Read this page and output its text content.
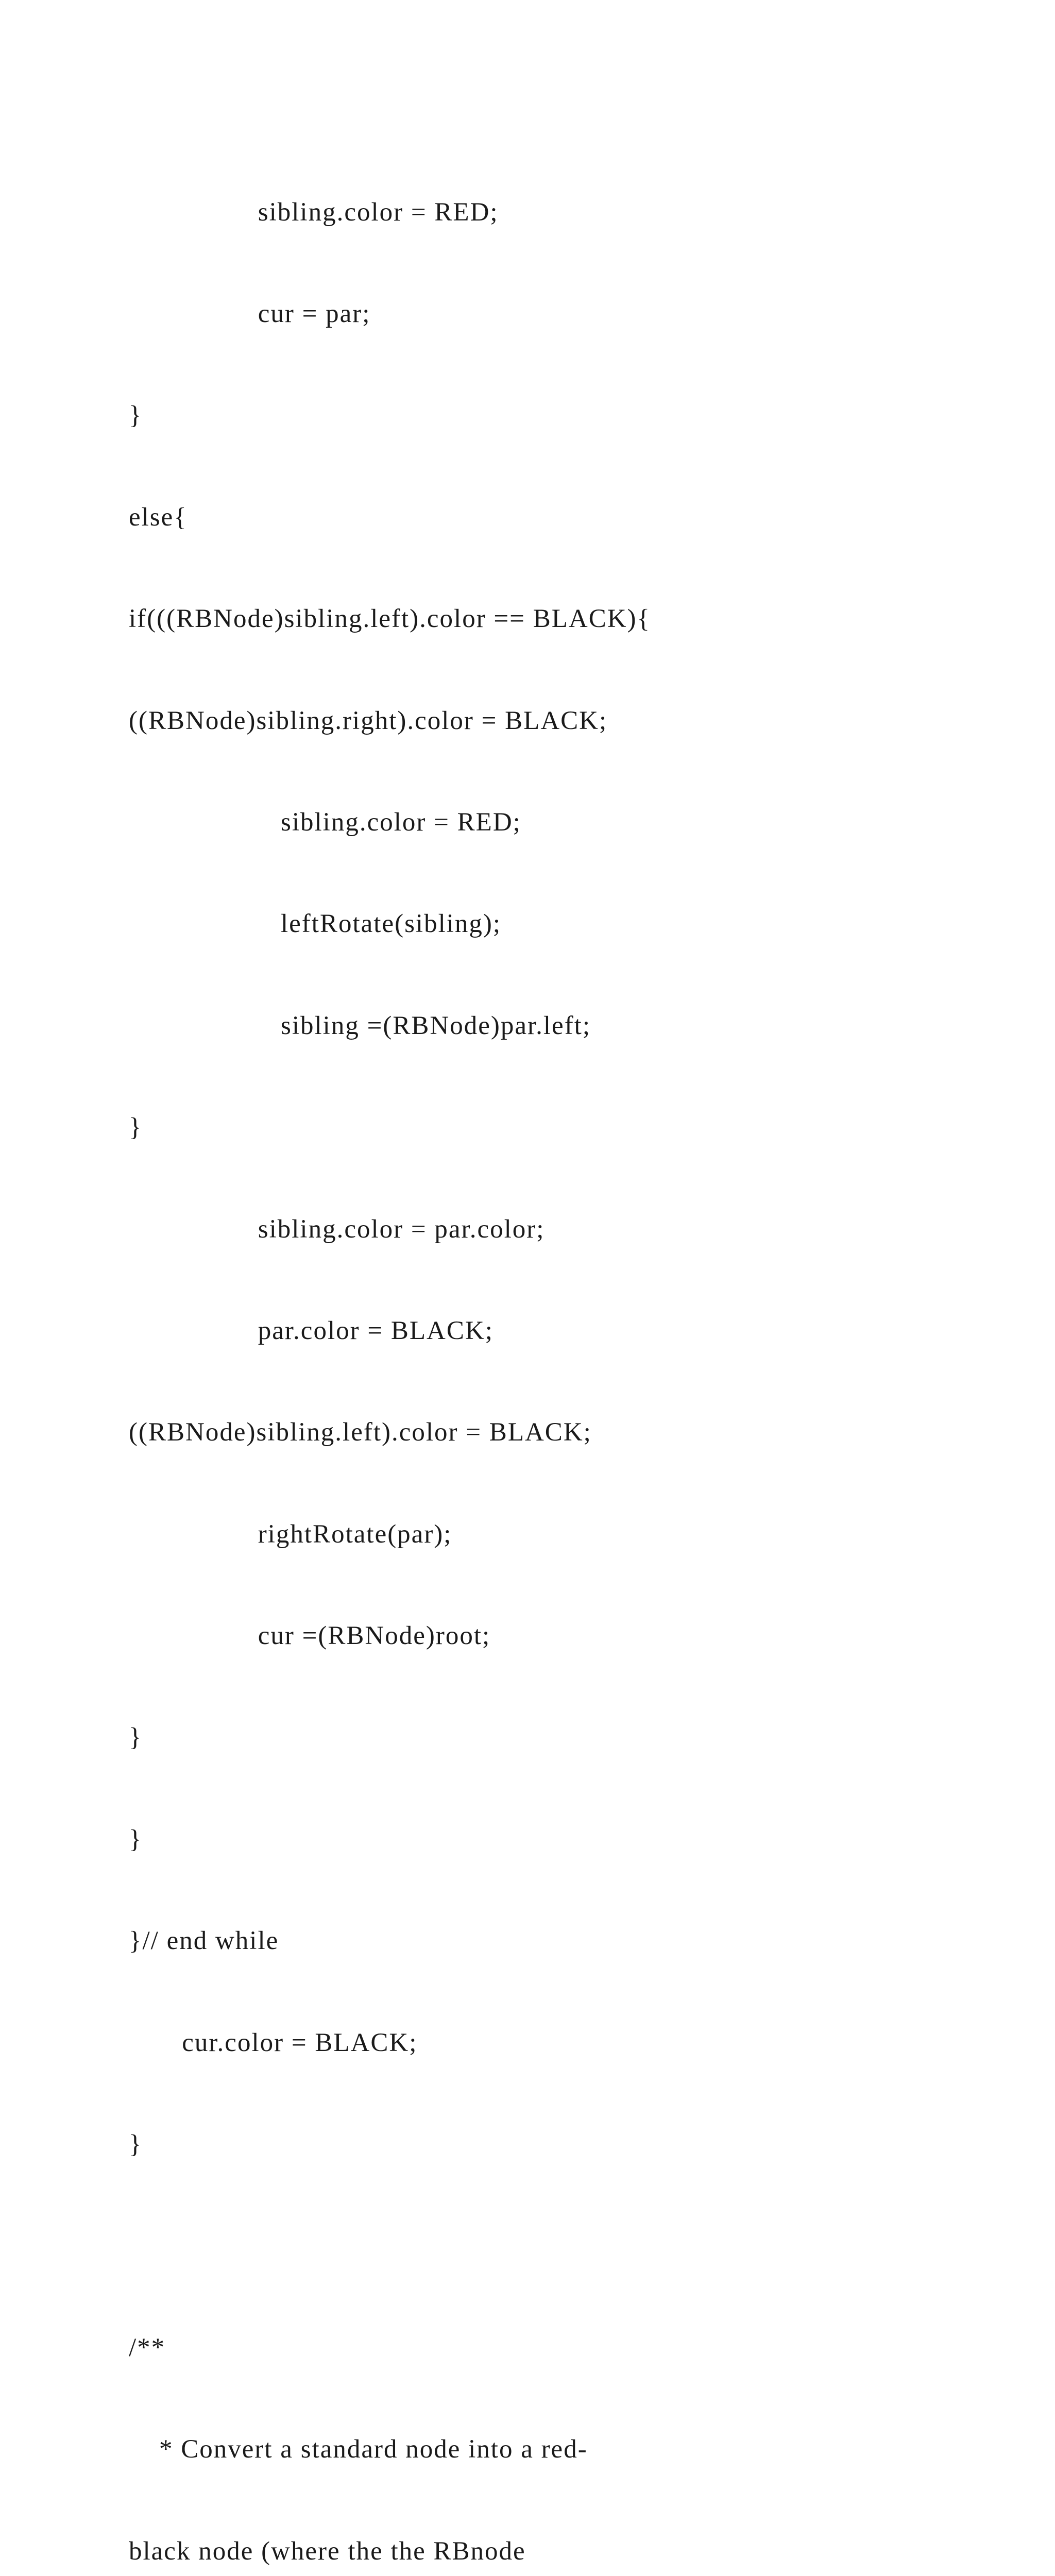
sibling.color = RED;

cur = par;

}

else{

if(((RBNode)sibling.left).color == BLACK){

((RBNode)sibling.right).color = BLACK;

sibling.color = RED;

leftRotate(sibling);

sibling =(RBNode)par.left;

}

sibling.color = par.color;

par.color = BLACK;

((RBNode)sibling.left).color = BLACK;

rightRotate(par);

cur =(RBNode)root;

}

}

}// end while

cur.color = BLACK;

}

/**

* Convert a standard node into a red-

black node (where the the RBnode
